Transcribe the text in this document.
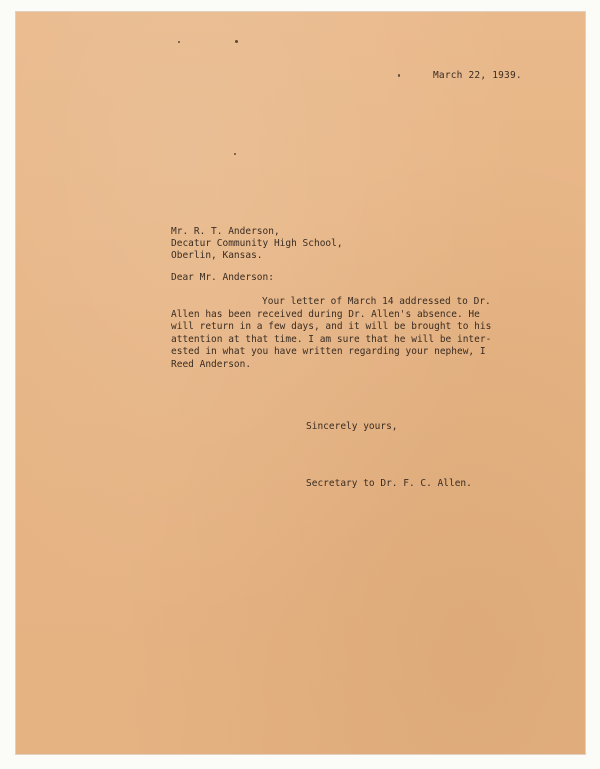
March 22, 1939.
Mr. R. T. Anderson,
Decatur Community High School,
Oberlin, Kansas.
Dear Mr. Anderson:
Your letter of March 14 addressed to Dr.
Allen has been received during Dr. Allen's absence. He
will return in a few days, and it will be brought to his
attention at that time. I am sure that he will be inter-
ested in what you have written regarding your nephew, I
Reed Anderson.
Sincerely yours,
Secretary to Dr. F. C. Allen.
